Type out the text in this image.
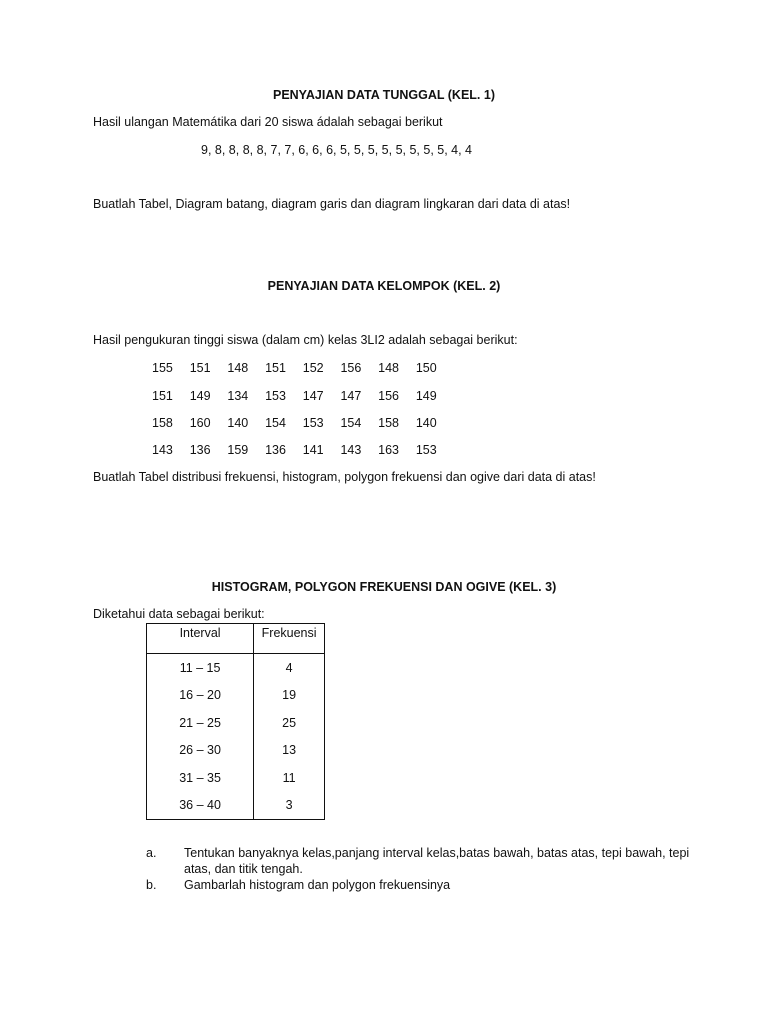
PENYAJIAN DATA TUNGGAL (KEL. 1)
Hasil ulangan Matemátika dari 20 siswa ádalah sebagai berikut
9, 8, 8, 8, 8, 7, 7, 6, 6, 6, 5, 5, 5, 5, 5, 5, 5, 5, 4, 4
Buatlah Tabel, Diagram batang, diagram garis dan diagram lingkaran dari data di atas!
PENYAJIAN DATA KELOMPOK (KEL. 2)
Hasil pengukuran tinggi siswa (dalam cm) kelas 3LI2 adalah sebagai berikut:
155	151	148	151	152	156	148	150
151	149	134	153	147	147	156	149
158	160	140	154	153	154	158	140
143	136	159	136	141	143	163	153
Buatlah Tabel distribusi frekuensi, histogram, polygon frekuensi dan ogive dari data di atas!
HISTOGRAM, POLYGON FREKUENSI DAN OGIVE (KEL. 3)
Diketahui data sebagai berikut:
Interval	Frekuensi
11 – 15	4
16 – 20	19
21 – 25	25
26 – 30	13
31 – 35	11
36 – 40	3
a.	Tentukan banyaknya kelas,panjang interval kelas,batas bawah, batas atas, tepi bawah, tepi atas, dan titik tengah.
b.	Gambarlah histogram dan polygon frekuensinya
